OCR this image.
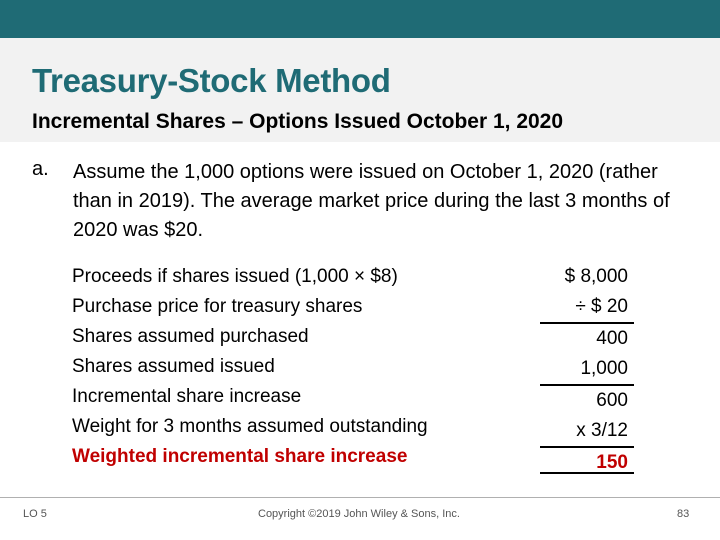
Treasury-Stock Method
Incremental Shares – Options Issued October 1, 2020
a. Assume the 1,000 options were issued on October 1, 2020 (rather than in 2019). The average market price during the last 3 months of 2020 was $20.
Proceeds if shares issued (1,000 × $8)
Purchase price for treasury shares
Shares assumed purchased
Shares assumed issued
Incremental share increase
Weight for 3 months assumed outstanding
Weighted incremental share increase
$ 8,000
÷ $ 20
400
1,000
600
x 3/12
150
LO 5	Copyright ©2019 John Wiley & Sons, Inc.	83
